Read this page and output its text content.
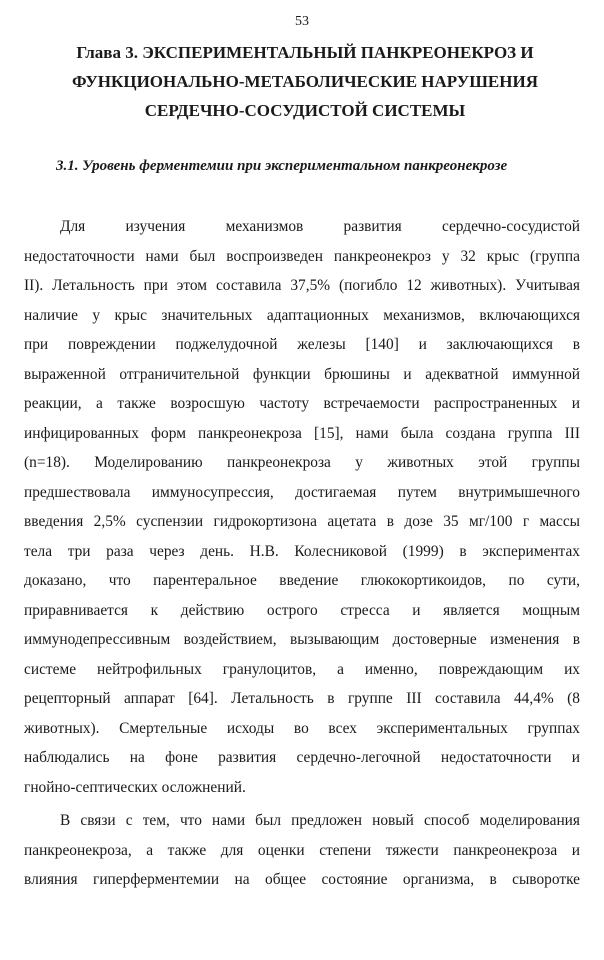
53
Глава 3. ЭКСПЕРИМЕНТАЛЬНЫЙ ПАНКРЕОНЕКРОЗ И
ФУНКЦИОНАЛЬНО-МЕТАБОЛИЧЕСКИЕ НАРУШЕНИЯ
СЕРДЕЧНО-СОСУДИСТОЙ СИСТЕМЫ
3.1. Уровень ферментемии при экспериментальном панкреонекрозе
Для изучения механизмов развития сердечно-сосудистой
недостаточности нами был воспроизведен панкреонекроз у 32 крыс (группа
II). Летальность при этом составила 37,5% (погибло 12 животных). Учитывая
наличие у крыс значительных адаптационных механизмов, включающихся
при повреждении поджелудочной железы [140] и заключающихся в
выраженной отграничительной функции брюшины и адекватной иммунной
реакции, а также возросшую частоту встречаемости распространенных и
инфицированных форм панкреонекроза [15], нами была создана группа III
(n=18). Моделированию панкреонекроза у животных этой группы
предшествовала иммуносупрессия, достигаемая путем внутримышечного
введения 2,5% суспензии гидрокортизона ацетата в дозе 35 мг/100 г массы
тела три раза через день. Н.В. Колесниковой (1999) в экспериментах
доказано, что парентеральное введение глюкокортикоидов, по сути,
приравнивается к действию острого стресса и является мощным
иммунодепрессивным воздействием, вызывающим достоверные изменения в
системе нейтрофильных гранулоцитов, а именно, повреждающим их
рецепторный аппарат [64]. Летальность в группе III составила 44,4% (8
животных). Смертельные исходы во всех экспериментальных группах
наблюдались на фоне развития сердечно-легочной недостаточности и
гнойно-септических осложнений.
В связи с тем, что нами был предложен новый способ моделирования
панкреонекроза, а также для оценки степени тяжести панкреонекроза и
влияния гиперферментемии на общее состояние организма, в сыворотке
